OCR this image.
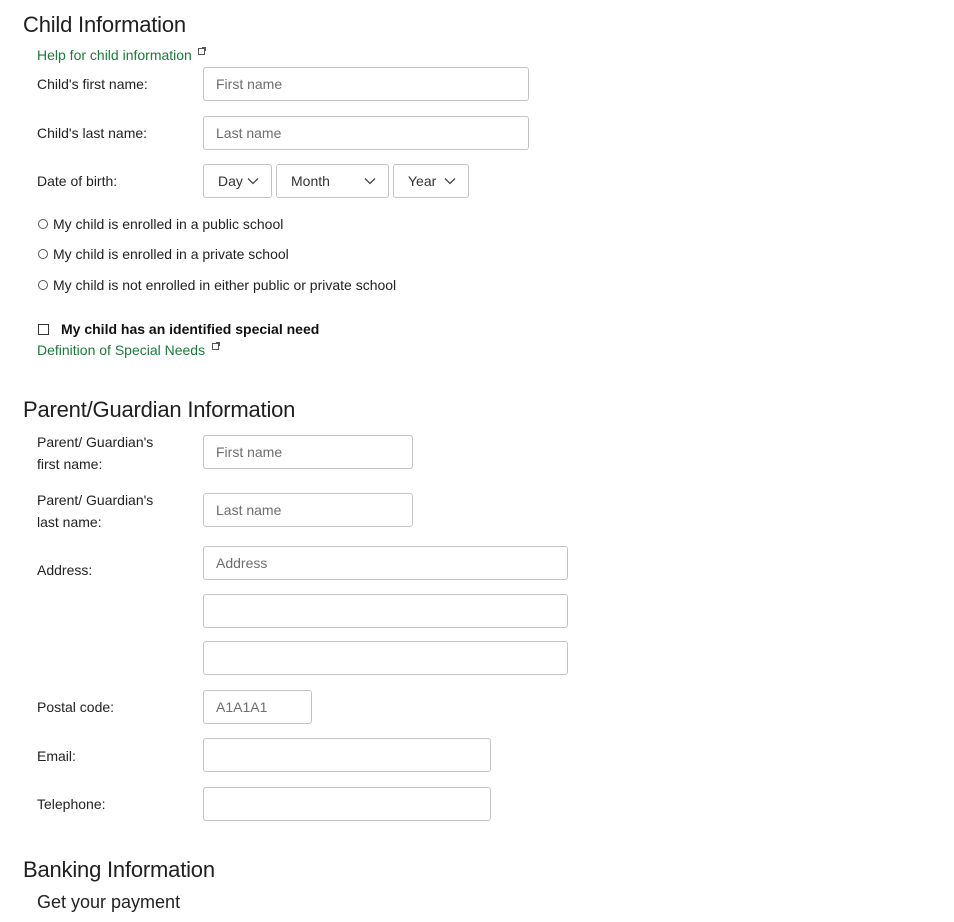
Child Information
Help for child information
Child's first name:
First name
Child's last name:
Last name
Date of birth:	Day	Month	Year
My child is enrolled in a public school
My child is enrolled in a private school
My child is not enrolled in either public or private school
My child has an identified special need
Definition of Special Needs
Parent/Guardian Information
Parent/ Guardian's
first name:
First name
Parent/ Guardian's
last name:
Last name
Address:
Address
Postal code:
A1A1A1
Email:
Telephone:
Banking Information
Get your payment
